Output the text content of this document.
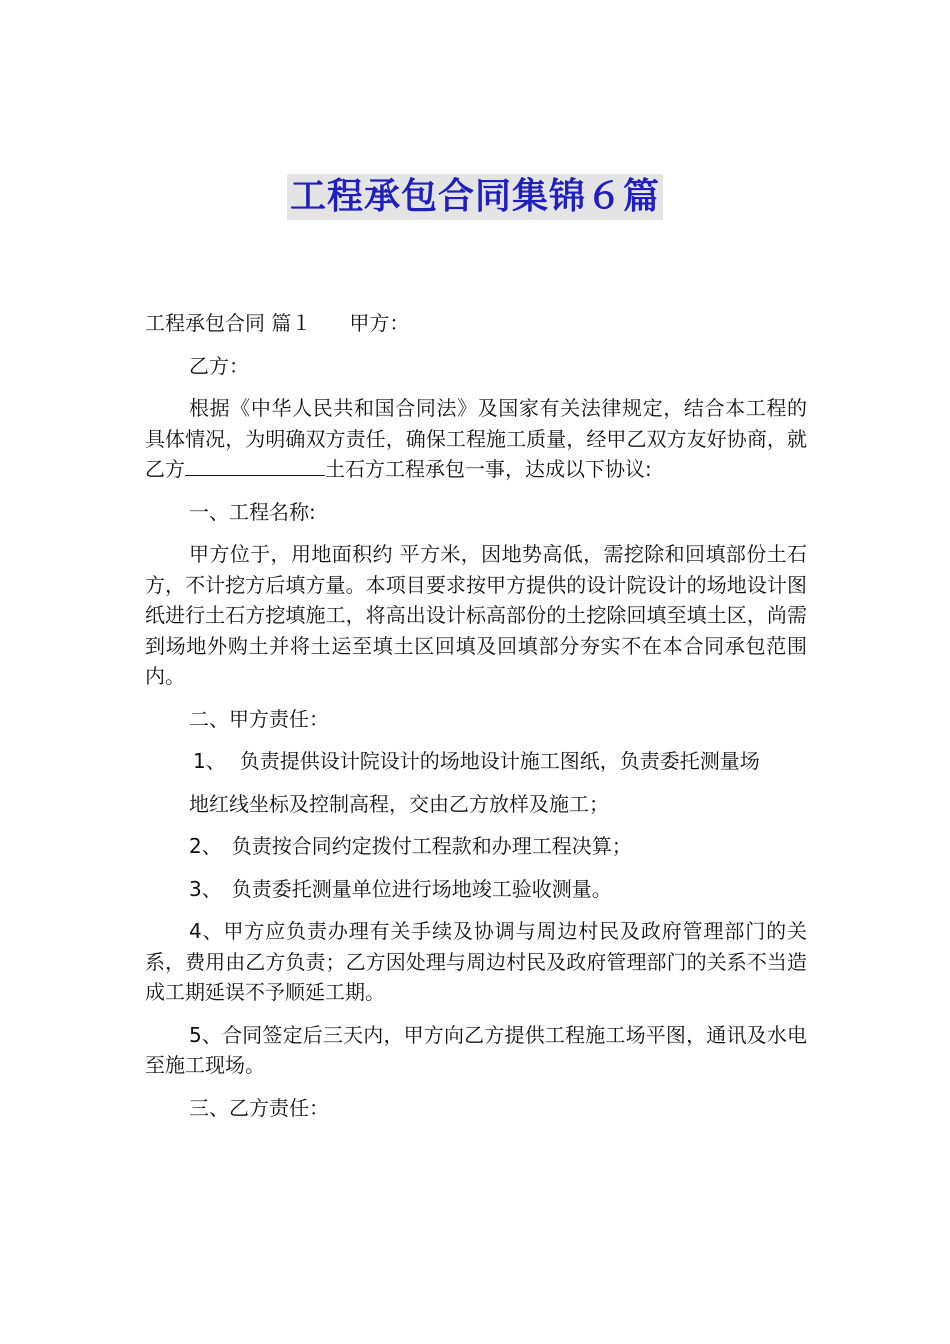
工程承包合同集锦６篇

工程承包合同 篇１ 甲方：

乙方：

根据《中华人民共和国合同法》及国家有关法律规定，结合本工程的具体情况，为明确双方责任，确保工程施工质量，经甲乙双方友好协商，就乙方	土石方工程承包一事，达成以下协议:

一、工程名称:

甲方位于，用地面积约 平方米，因地势高低，需挖除和回填部份土石方，不计挖方后填方量。本项目要求按甲方提供的设计院设计的场地设计图纸进行土石方挖填施工，将高出设计标高部份的土挖除回填至填土区，尚需到场地外购土并将土运至填土区回填及回填部分夯实不在本合同承包范围内。

二、甲方责任：

1、 负责提供设计院设计的场地设计施工图纸，负责委托测量场

地红线坐标及控制高程，交由乙方放样及施工；

2、 负责按合同约定拨付工程款和办理工程决算；

3、 负责委托测量单位进行场地竣工验收测量。

4、甲方应负责办理有关手续及协调与周边村民及政府管理部门的关系，费用由乙方负责；乙方因处理与周边村民及政府管理部门的关系不当造成工期延误不予顺延工期。

5、合同签定后三天内，甲方向乙方提供工程施工场平图，通讯及水电至施工现场。

三、乙方责任：
